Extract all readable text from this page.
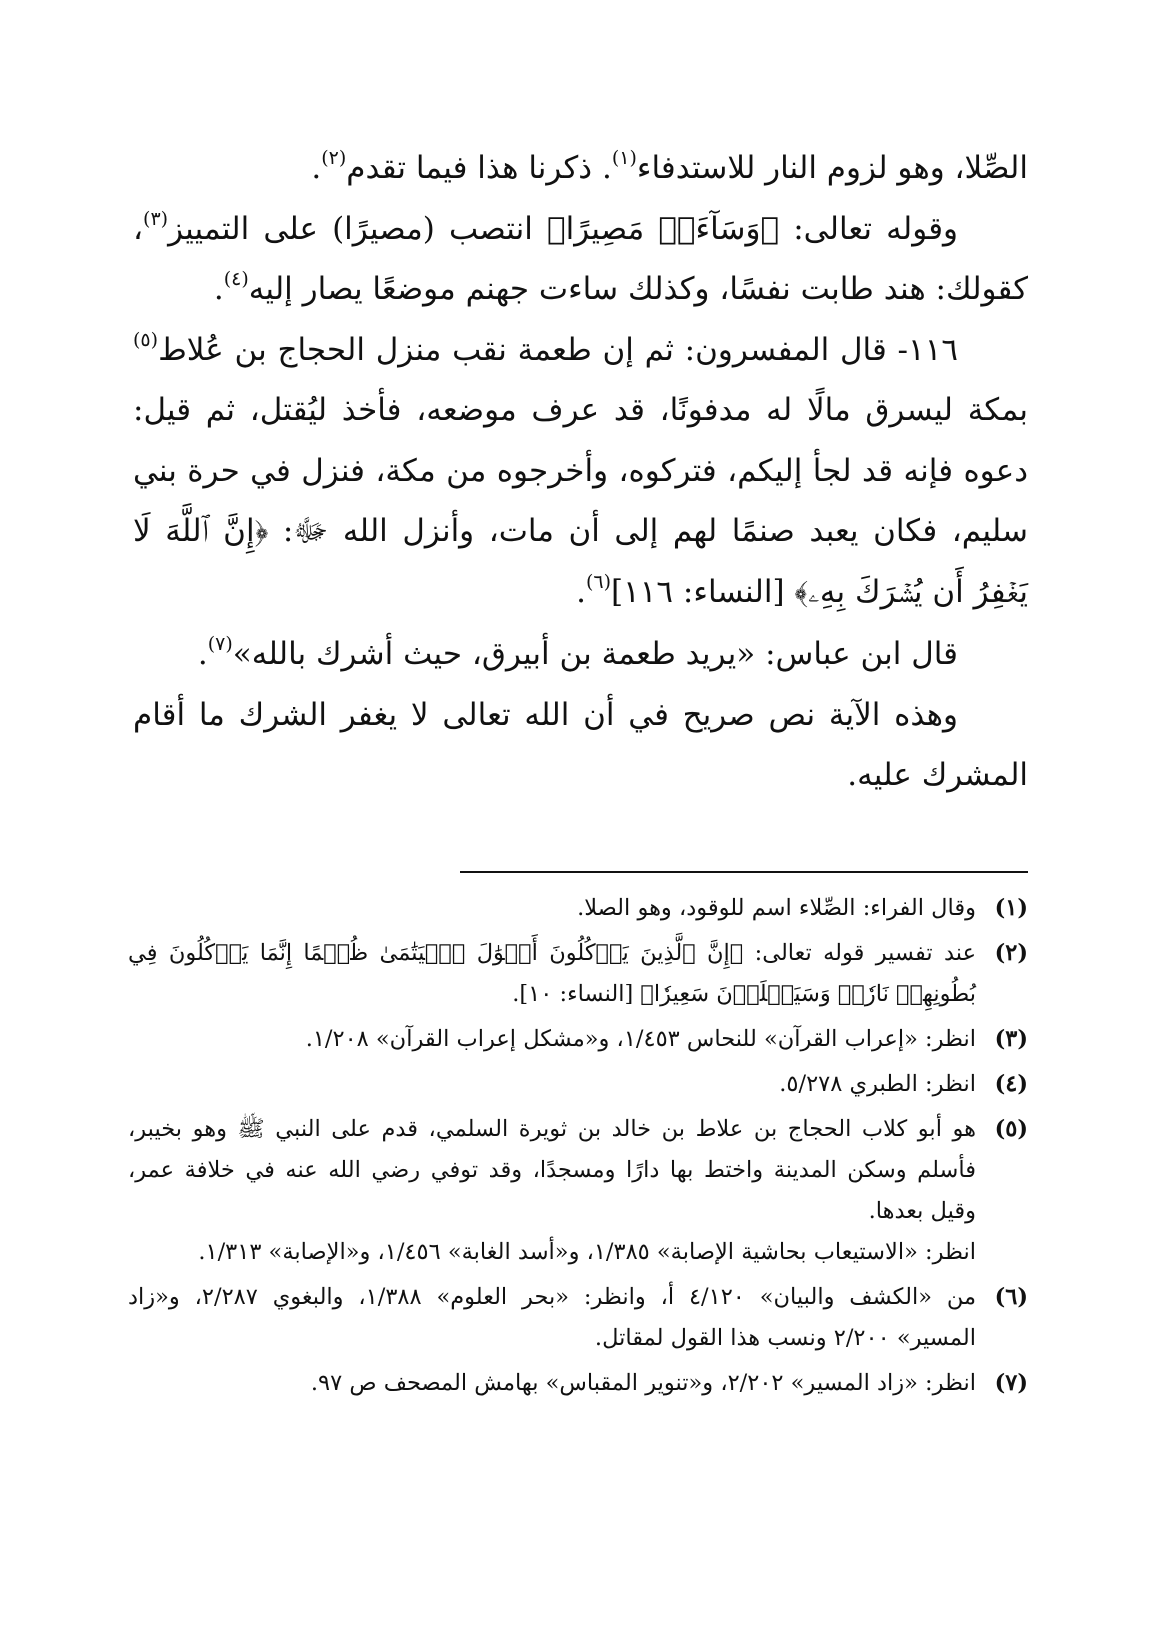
الصِّلا، وهو لزوم النار للاستدفاء$^{(١)}$. ذكرنا هذا فيما تقدم$^{(٢)}$.

وقوله تعالى: ﴿وَسَآءَتۡ مَصِيرًا﴾ انتصب (مصيرًا) على التمييز$^{(٣)}$، كقولك: هند طابت نفسًا، وكذلك ساءت جهنم موضعًا يصار إليه$^{(٤)}$.

١١٦- قال المفسرون: ثم إن طعمة نقب منزل الحجاج بن عُلاط$^{(٥)}$ بمكة ليسرق مالًا له مدفونًا، قد عرف موضعه، فأخذ ليُقتل، ثم قيل: دعوه فإنه قد لجأ إليكم، فتركوه، وأخرجوه من مكة، فنزل في حرة بني سليم، فكان يعبد صنمًا لهم إلى أن مات، وأنزل الله ﷻ: ﴿إِنَّ ٱللَّهَ لَا يَغۡفِرُ أَن يُشۡرَكَ بِهِۦ﴾ [النساء: ١١٦]$^{(٦)}$.

قال ابن عباس: «يريد طعمة بن أبيرق، حيث أشرك بالله»$^{(٧)}$.

وهذه الآية نص صريح في أن الله تعالى لا يغفر الشرك ما أقام المشرك عليه.

(١)

وقال الفراء: الصِّلاء اسم للوقود، وهو الصلا.

(٢)

عند تفسير قوله تعالى: ﴿إِنَّ ٱلَّذِينَ يَأۡكُلُونَ أَمۡوَٰلَ ٱلۡيَتَٰمَىٰ ظُلۡمًا إِنَّمَا يَأۡكُلُونَ فِي بُطُونِهِمۡ نَارٗاۖ وَسَيَصۡلَوۡنَ سَعِيرٗا﴾ [النساء: ١٠].

(٣)

انظر: «إعراب القرآن» للنحاس ١/٤٥٣، و«مشكل إعراب القرآن» ١/٢٠٨.

(٤)

انظر: الطبري ٥/٢٧٨.

(٥)

هو أبو كلاب الحجاج بن علاط بن خالد بن ثويرة السلمي، قدم على النبي ﷺ وهو بخيبر، فأسلم وسكن المدينة واختط بها دارًا ومسجدًا، وقد توفي رضي الله عنه في خلافة عمر، وقيل بعدها.

انظر: «الاستيعاب بحاشية الإصابة» ١/٣٨٥، و«أسد الغابة» ١/٤٥٦، و«الإصابة» ١/٣١٣.

(٦)

من «الكشف والبيان» ٤/١٢٠ أ، وانظر: «بحر العلوم» ١/٣٨٨، والبغوي ٢/٢٨٧، و«زاد المسير» ٢/٢٠٠ ونسب هذا القول لمقاتل.

(٧)

انظر: «زاد المسير» ٢/٢٠٢، و«تنوير المقباس» بهامش المصحف ص ٩٧.
